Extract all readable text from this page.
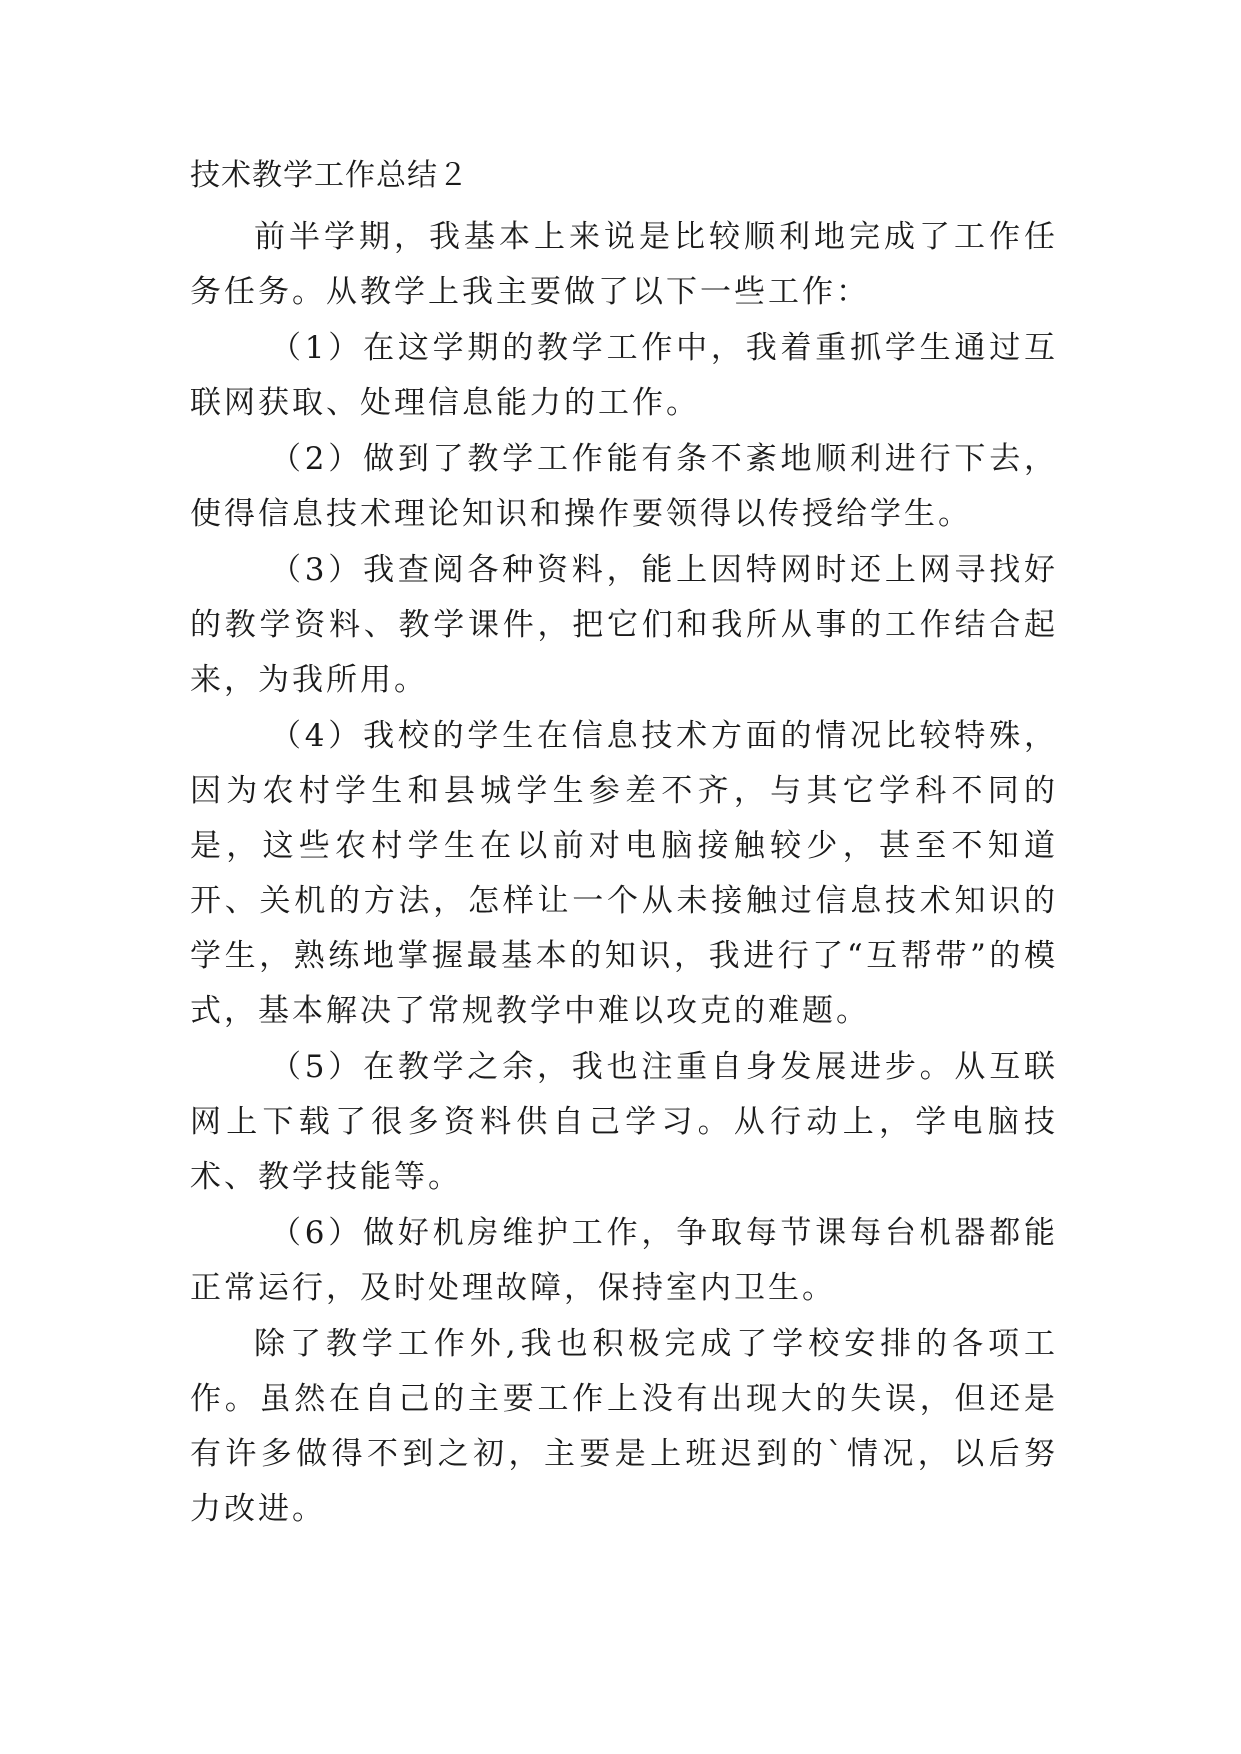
技术教学工作总结２

前半学期，我基本上来说是比较顺利地完成了工作任务任务。从教学上我主要做了以下一些工作：

（1）在这学期的教学工作中，我着重抓学生通过互联网获取、处理信息能力的工作。

（2）做到了教学工作能有条不紊地顺利进行下去，使得信息技术理论知识和操作要领得以传授给学生。

（3）我查阅各种资料，能上因特网时还上网寻找好的教学资料、教学课件，把它们和我所从事的工作结合起来，为我所用。

（4）我校的学生在信息技术方面的情况比较特殊，因为农村学生和县城学生参差不齐，与其它学科不同的是，这些农村学生在以前对电脑接触较少，甚至不知道开、关机的方法，怎样让一个从未接触过信息技术知识的学生，熟练地掌握最基本的知识，我进行了“互帮带”的模式，基本解决了常规教学中难以攻克的难题。

（5）在教学之余，我也注重自身发展进步。从互联网上下载了很多资料供自己学习。从行动上，学电脑技术、教学技能等。

（6）做好机房维护工作，争取每节课每台机器都能正常运行，及时处理故障，保持室内卫生。

除了教学工作外,我也积极完成了学校安排的各项工作。虽然在自己的主要工作上没有出现大的失误，但还是有许多做得不到之初，主要是上班迟到的`情况，以后努力改进。
